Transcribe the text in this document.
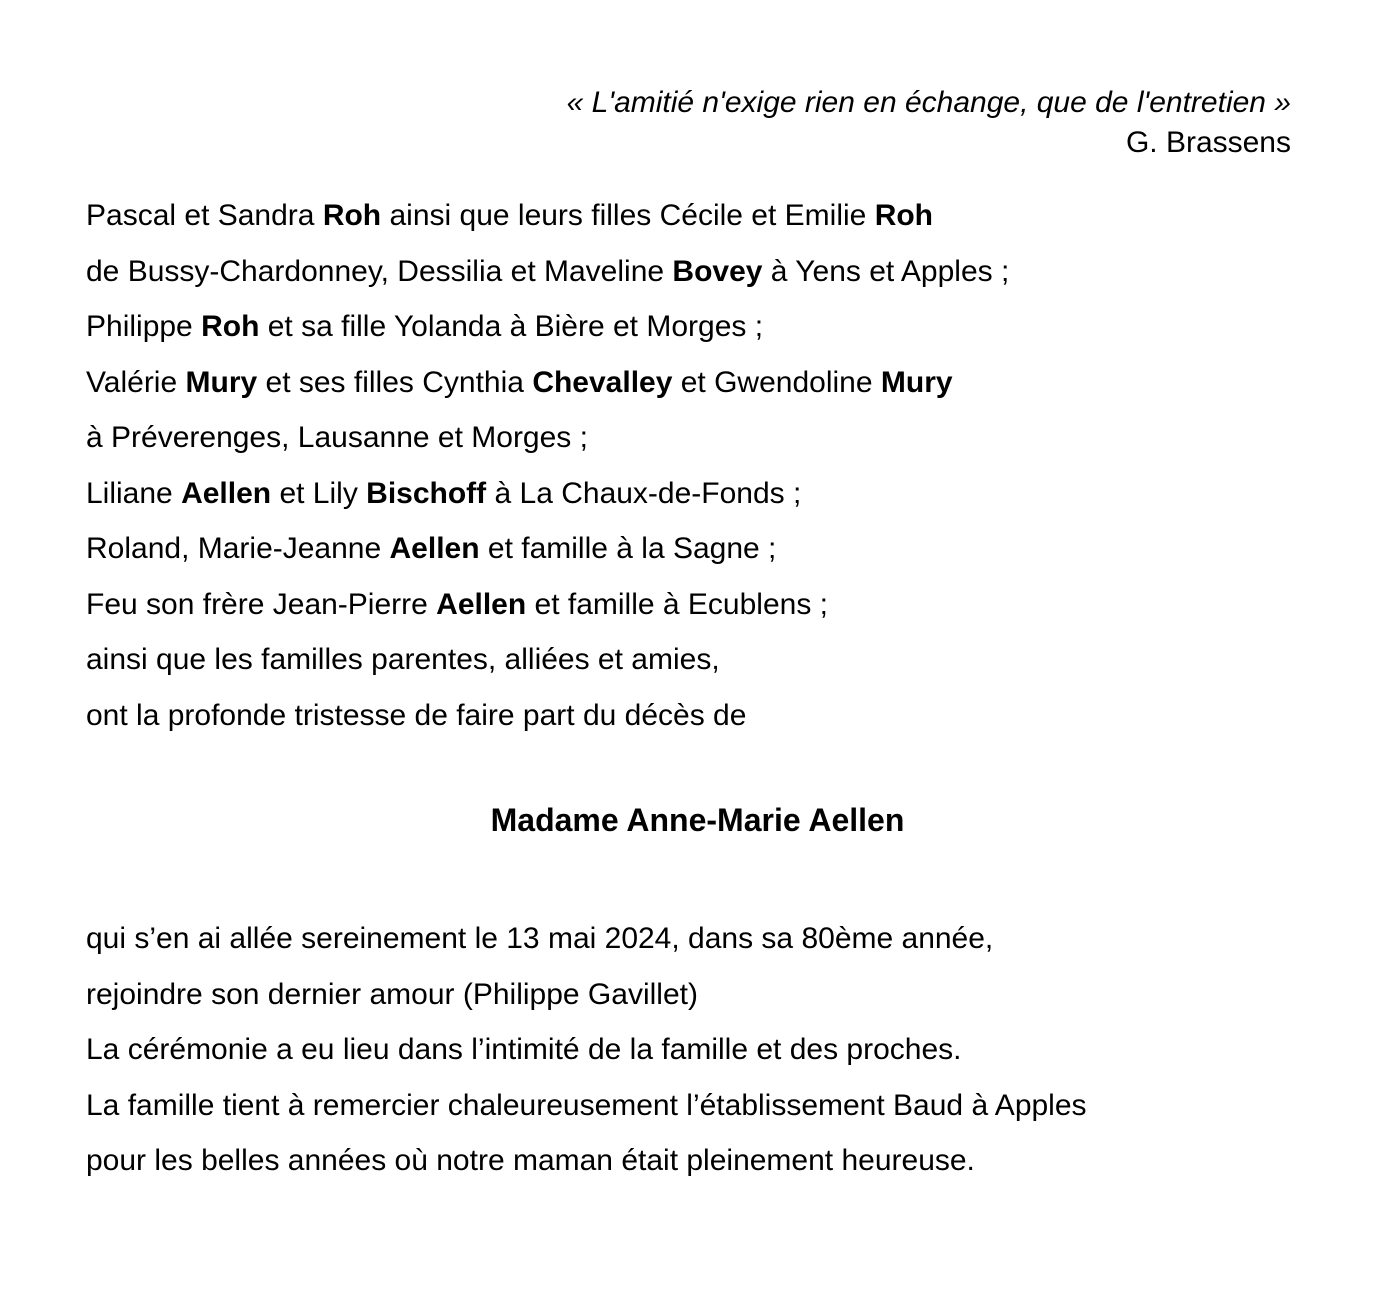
« L'amitié n'exige rien en échange, que de l'entretien »
G. Brassens
Pascal et Sandra Roh ainsi que leurs filles Cécile et Emilie Roh
de Bussy-Chardonney, Dessilia et Maveline Bovey à Yens et Apples ;
Philippe Roh et sa fille Yolanda à Bière et Morges ;
Valérie Mury et ses filles Cynthia Chevalley et Gwendoline Mury
à Préverenges, Lausanne et Morges ;
Liliane Aellen et Lily Bischoff à La Chaux-de-Fonds ;
Roland, Marie-Jeanne Aellen et famille à la Sagne ;
Feu son frère Jean-Pierre Aellen et famille à Ecublens ;
ainsi que les familles parentes, alliées et amies,
ont la profonde tristesse de faire part du décès de
Madame Anne-Marie Aellen
qui s’en ai allée sereinement le 13 mai 2024, dans sa 80ème année,
rejoindre son dernier amour (Philippe Gavillet)
La cérémonie a eu lieu dans l’intimité de la famille et des proches.
La famille tient à remercier chaleureusement l’établissement Baud à Apples
pour les belles années où notre maman était pleinement heureuse.
